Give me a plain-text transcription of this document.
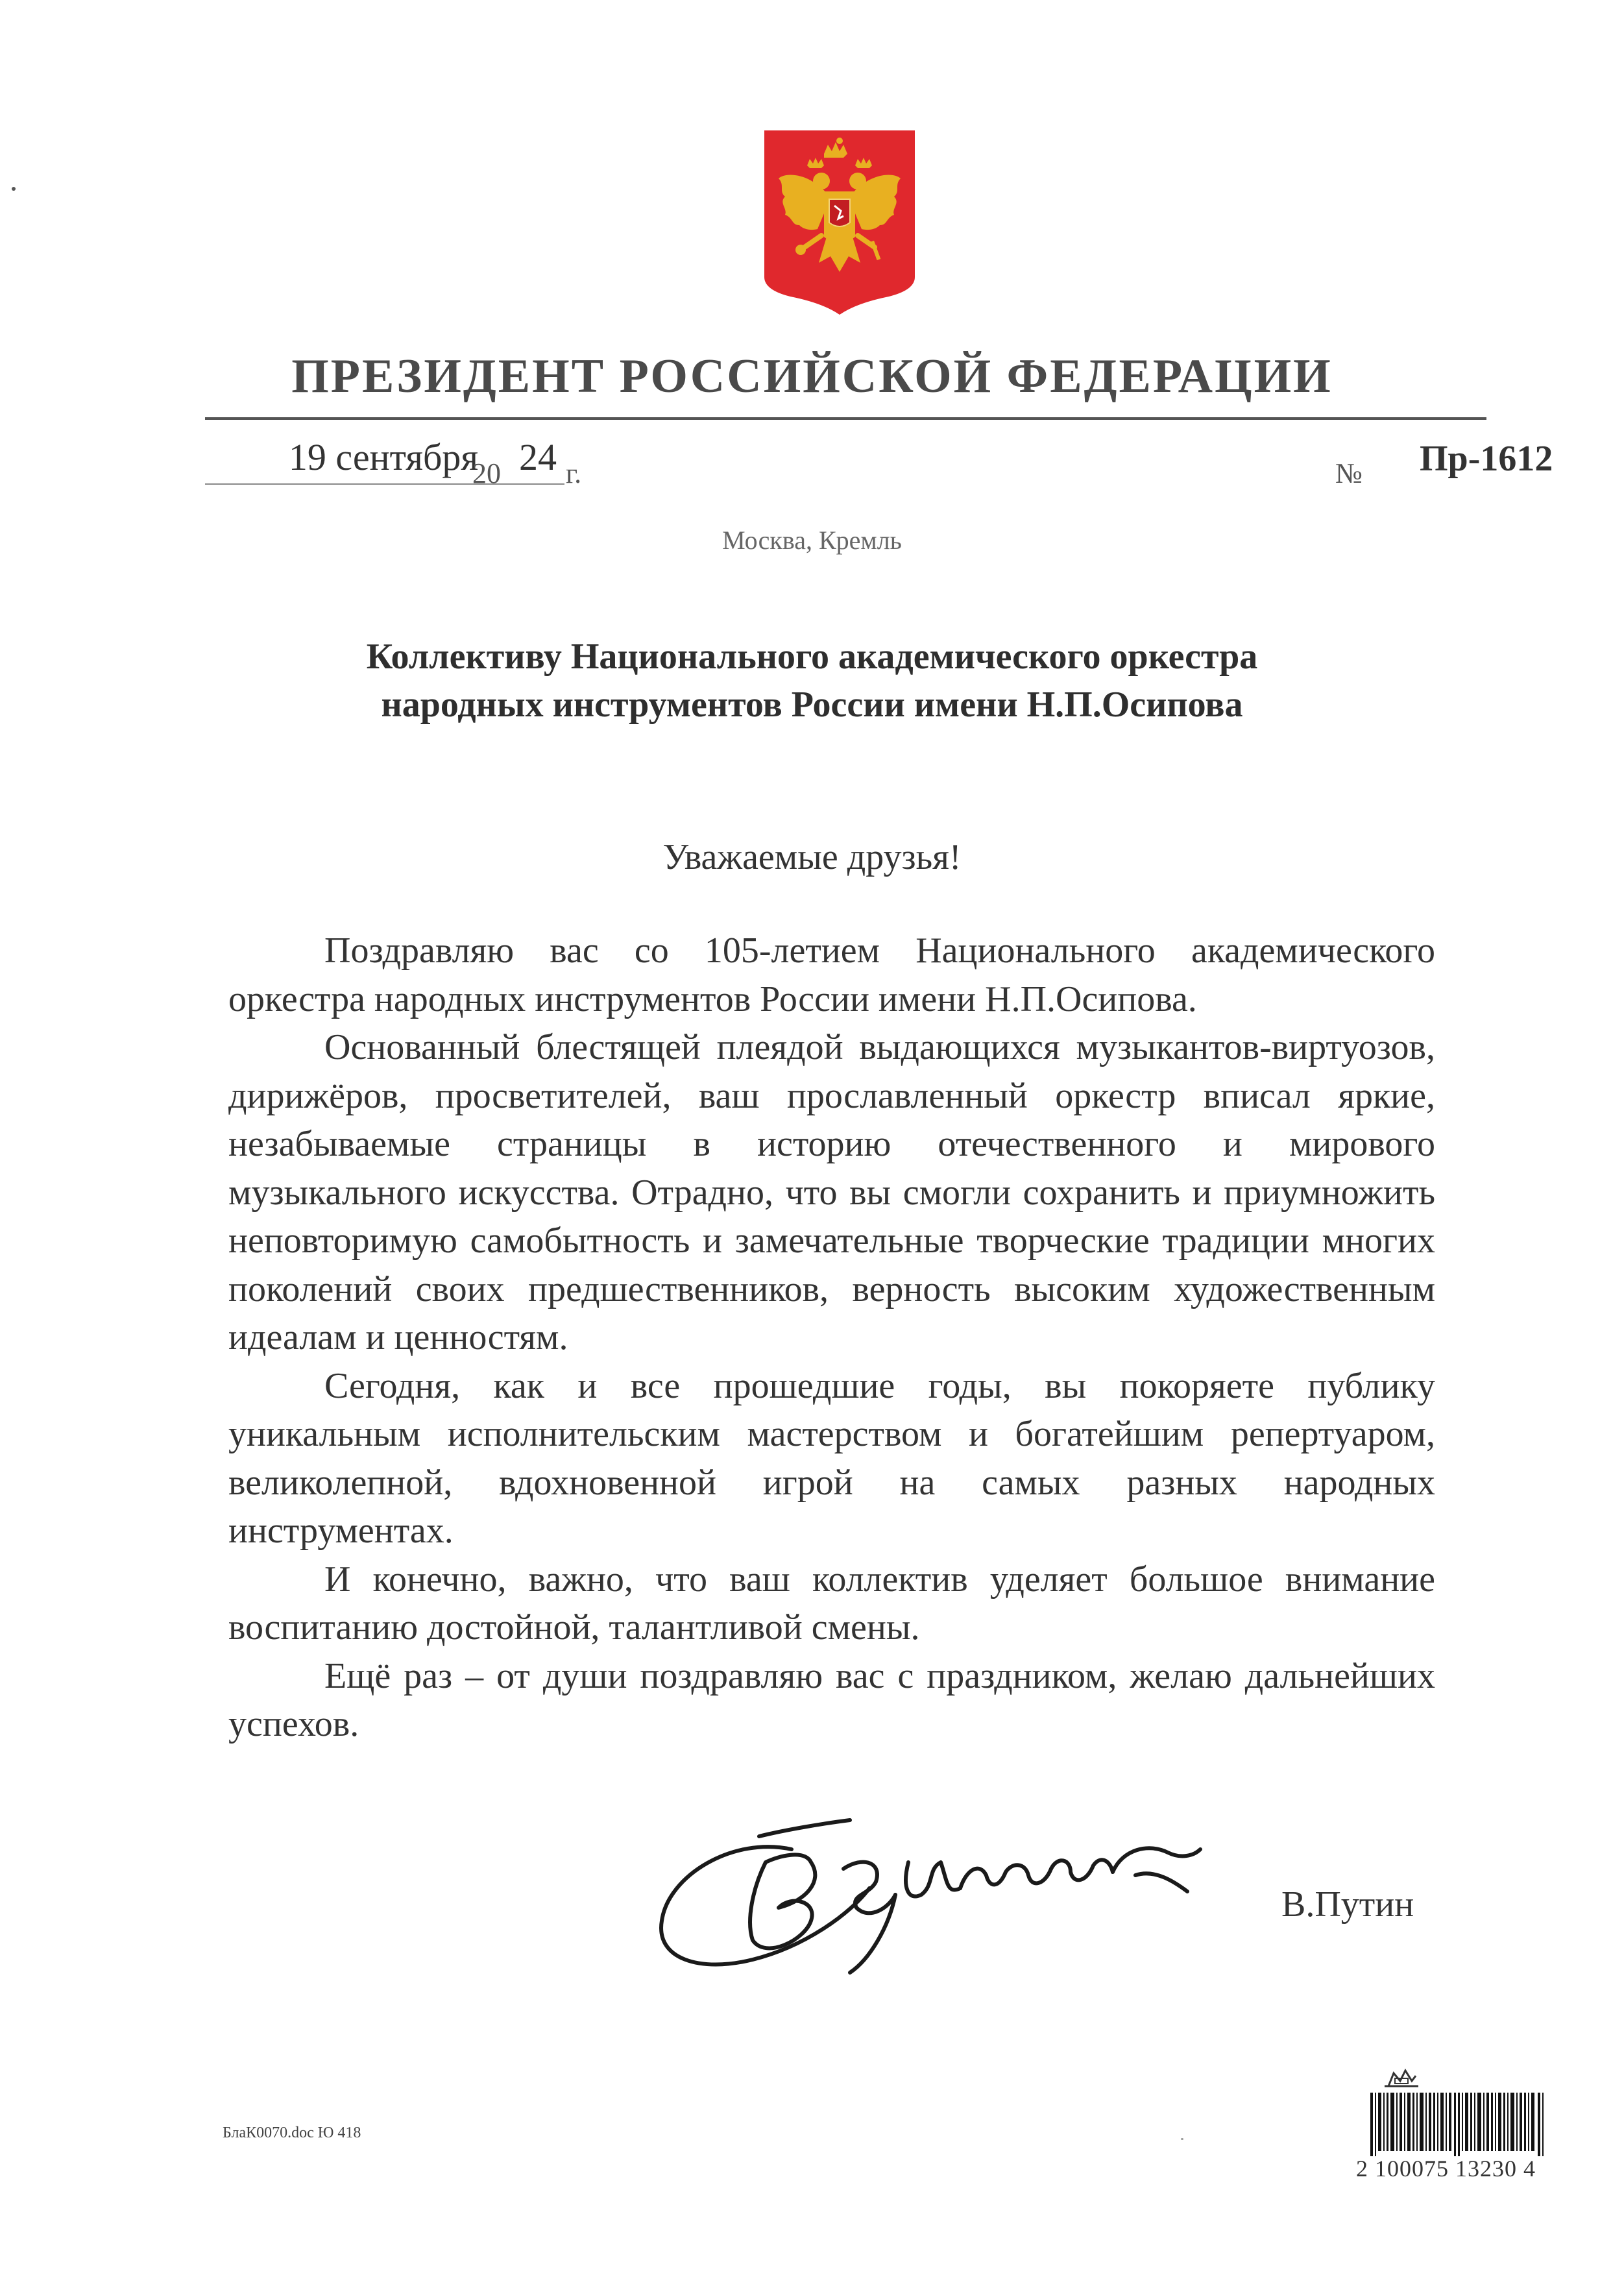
ПРЕЗИДЕНТ РОССИЙСКОЙ ФЕДЕРАЦИИ
19 сентября
20 24 г.	№ Пр-1612
Москва, Кремль
Коллективу Национального академического оркестра
народных инструментов России имени Н.П.Осипова
Уважаемые друзья!

Поздравляю вас со 105-летием Национального академического оркестра народных инструментов России имени Н.П.Осипова.

Основанный блестящей плеядой выдающихся музыкантов-виртуозов, дирижёров, просветителей, ваш прославленный оркестр вписал яркие, незабываемые страницы в историю отечественного и мирового музыкального искусства. Отрадно, что вы смогли сохранить и приумножить неповторимую самобытность и замечательные творческие традиции многих поколений своих предшественников, верность высоким художественным идеалам и ценностям.

Сегодня, как и все прошедшие годы, вы покоряете публику уникальным исполнительским мастерством и богатейшим репертуаром, великолепной, вдохновенной игрой на самых разных народных инструментах.

И конечно, важно, что ваш коллектив уделяет большое внимание воспитанию достойной, талантливой смены.

Ещё раз – от души поздравляю вас с праздником, желаю дальнейших успехов.

В.Путин
БлаК0070.doc Ю 418
2 100075 13230 4
